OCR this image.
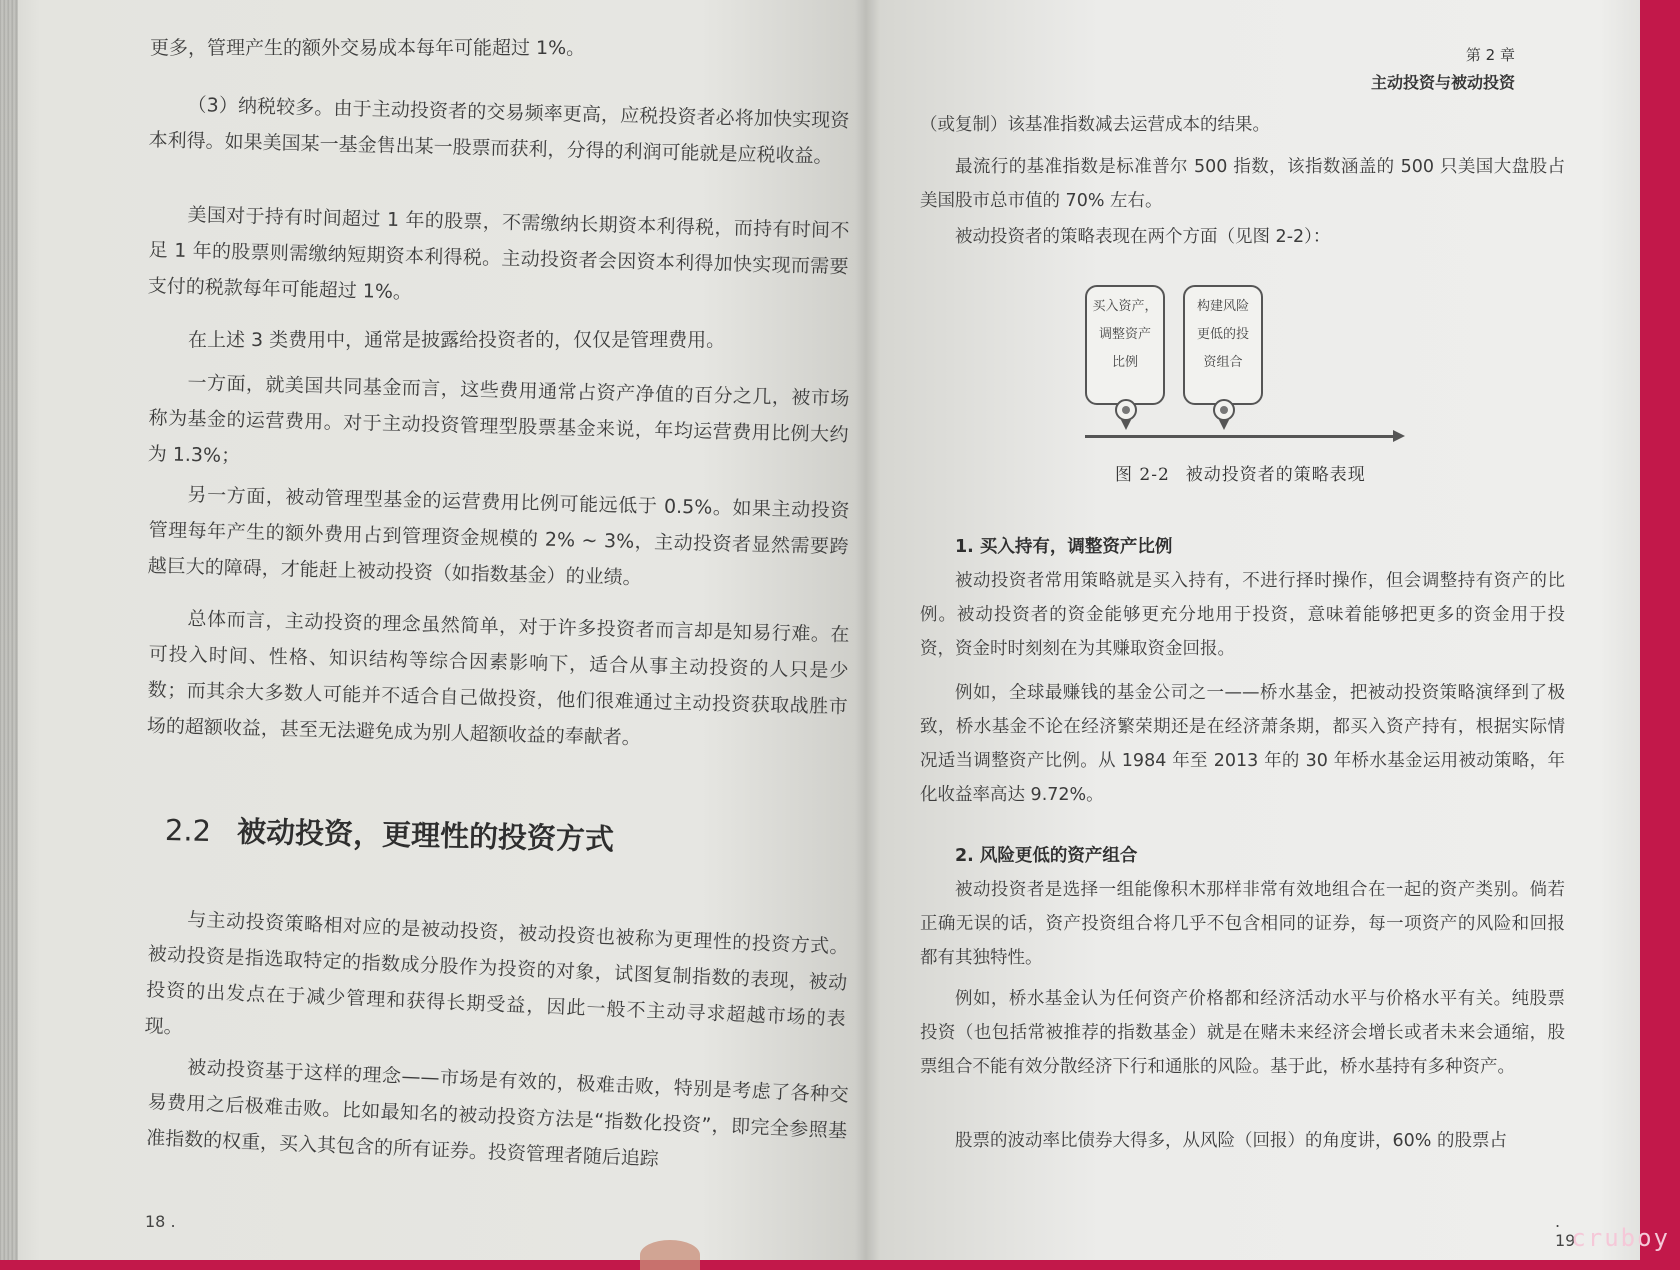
更多，管理产生的额外交易成本每年可能超过 1%。

（3）纳税较多。由于主动投资者的交易频率更高，应税投资者必将加快实现资本利得。如果美国某一基金售出某一股票而获利，分得的利润可能就是应税收益。

美国对于持有时间超过 1 年的股票，不需缴纳长期资本利得税，而持有时间不足 1 年的股票则需缴纳短期资本利得税。主动投资者会因资本利得加快实现而需要支付的税款每年可能超过 1%。

在上述 3 类费用中，通常是披露给投资者的，仅仅是管理费用。

一方面，就美国共同基金而言，这些费用通常占资产净值的百分之几，被市场称为基金的运营费用。对于主动投资管理型股票基金来说，年均运营费用比例大约为 1.3%；

另一方面，被动管理型基金的运营费用比例可能远低于 0.5%。如果主动投资管理每年产生的额外费用占到管理资金规模的 2% ~ 3%，主动投资者显然需要跨越巨大的障碍，才能赶上被动投资（如指数基金）的业绩。

总体而言，主动投资的理念虽然简单，对于许多投资者而言却是知易行难。在可投入时间、性格、知识结构等综合因素影响下，适合从事主动投资的人只是少数；而其余大多数人可能并不适合自己做投资，他们很难通过主动投资获取战胜市场的超额收益，甚至无法避免成为别人超额收益的奉献者。

2.2 被动投资，更理性的投资方式

与主动投资策略相对应的是被动投资，被动投资也被称为更理性的投资方式。被动投资是指选取特定的指数成分股作为投资的对象，试图复制指数的表现，被动投资的出发点在于减少管理和获得长期受益，因此一般不主动寻求超越市场的表现。

被动投资基于这样的理念——市场是有效的，极难击败，特别是考虑了各种交易费用之后极难击败。比如最知名的被动投资方法是“指数化投资”，即完全参照基准指数的权重，买入其包含的所有证券。投资管理者随后追踪

18 .

第 2 章

主动投资与被动投资

（或复制）该基准指数减去运营成本的结果。

最流行的基准指数是标准普尔 500 指数，该指数涵盖的 500 只美国大盘股占美国股市总市值的 70% 左右。

被动投资者的策略表现在两个方面（见图 2-2）：

买入资产，
调整资产
比例
构建风险
更低的投
资组合

图 2-2 被动投资者的策略表现

1. 买入持有，调整资产比例

被动投资者常用策略就是买入持有，不进行择时操作，但会调整持有资产的比例。被动投资者的资金能够更充分地用于投资，意味着能够把更多的资金用于投资，资金时时刻刻在为其赚取资金回报。

例如，全球最赚钱的基金公司之一——桥水基金，把被动投资策略演绎到了极致，桥水基金不论在经济繁荣期还是在经济萧条期，都买入资产持有，根据实际情况适当调整资产比例。从 1984 年至 2013 年的 30 年桥水基金运用被动策略，年化收益率高达 9.72%。

2. 风险更低的资产组合

被动投资者是选择一组能像积木那样非常有效地组合在一起的资产类别。倘若正确无误的话，资产投资组合将几乎不包含相同的证券，每一项资产的风险和回报都有其独特性。

例如，桥水基金认为任何资产价格都和经济活动水平与价格水平有关。纯股票投资（也包括常被推荐的指数基金）就是在赌未来经济会增长或者未来会通缩，股票组合不能有效分散经济下行和通胀的风险。基于此，桥水基持有多种资产。

股票的波动率比债券大得多，从风险（回报）的角度讲，60% 的股票占

. 19

cruboy
